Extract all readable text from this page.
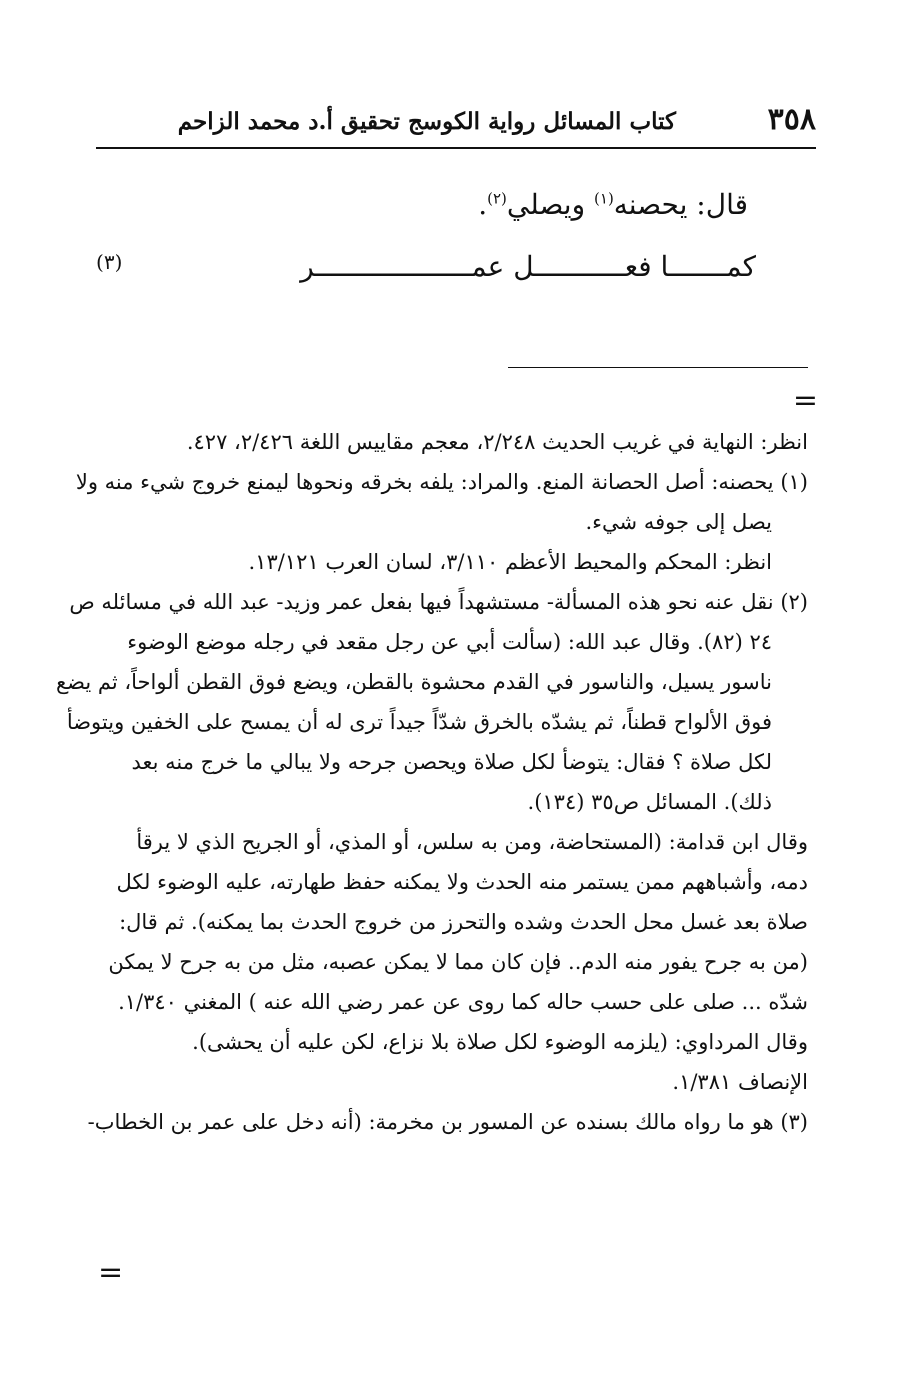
٣٥٨
كتاب المسائل رواية الكوسج تحقيق أ.د محمد الزاحم
قال: يحصنه$^{(١)}$ ويصلي$^{(٢)}$.
كمـــــــا فعـــــــــــل عمـــــــــــــــــــر
(٣)
=
انظر: النهاية في غريب الحديث ٢/٢٤٨، معجم مقاييس اللغة ٢/٤٢٦، ٤٢٧.
(١) يحصنه: أصل الحصانة المنع. والمراد: يلفه بخرقه ونحوها ليمنع خروج شيء منه ولا
يصل إلى جوفه شيء.
انظر: المحكم والمحيط الأعظم ٣/١١٠، لسان العرب ١٣/١٢١.
(٢) نقل عنه نحو هذه المسألة- مستشهداً فيها بفعل عمر وزيد- عبد الله في مسائله ص
٢٤ (٨٢). وقال عبد الله: (سألت أبي عن رجل مقعد في رجله موضع الوضوء
ناسور يسيل، والناسور في القدم محشوة بالقطن، ويضع فوق القطن ألواحاً، ثم يضع
فوق الألواح قطناً، ثم يشدّه بالخرق شدّاً جيداً ترى له أن يمسح على الخفين ويتوضأ
لكل صلاة ؟ فقال: يتوضأ لكل صلاة ويحصن جرحه ولا يبالي ما خرج منه بعد
ذلك). المسائل ص٣٥ (١٣٤).
وقال ابن قدامة: (المستحاضة، ومن به سلس، أو المذي، أو الجريح الذي لا يرقأ
دمه، وأشباههم ممن يستمر منه الحدث ولا يمكنه حفظ طهارته، عليه الوضوء لكل
صلاة بعد غسل محل الحدث وشده والتحرز من خروج الحدث بما يمكنه). ثم قال:
(من به جرح يفور منه الدم.. فإن كان مما لا يمكن عصبه، مثل من به جرح لا يمكن
شدّه ... صلى على حسب حاله كما روى عن عمر رضي الله عنه ) المغني ١/٣٤٠.
وقال المرداوي: (يلزمه الوضوء لكل صلاة بلا نزاع، لكن عليه أن يحشى).
الإنصاف ١/٣٨١.
(٣) هو ما رواه مالك بسنده عن المسور بن مخرمة: (أنه دخل على عمر بن الخطاب-
=
